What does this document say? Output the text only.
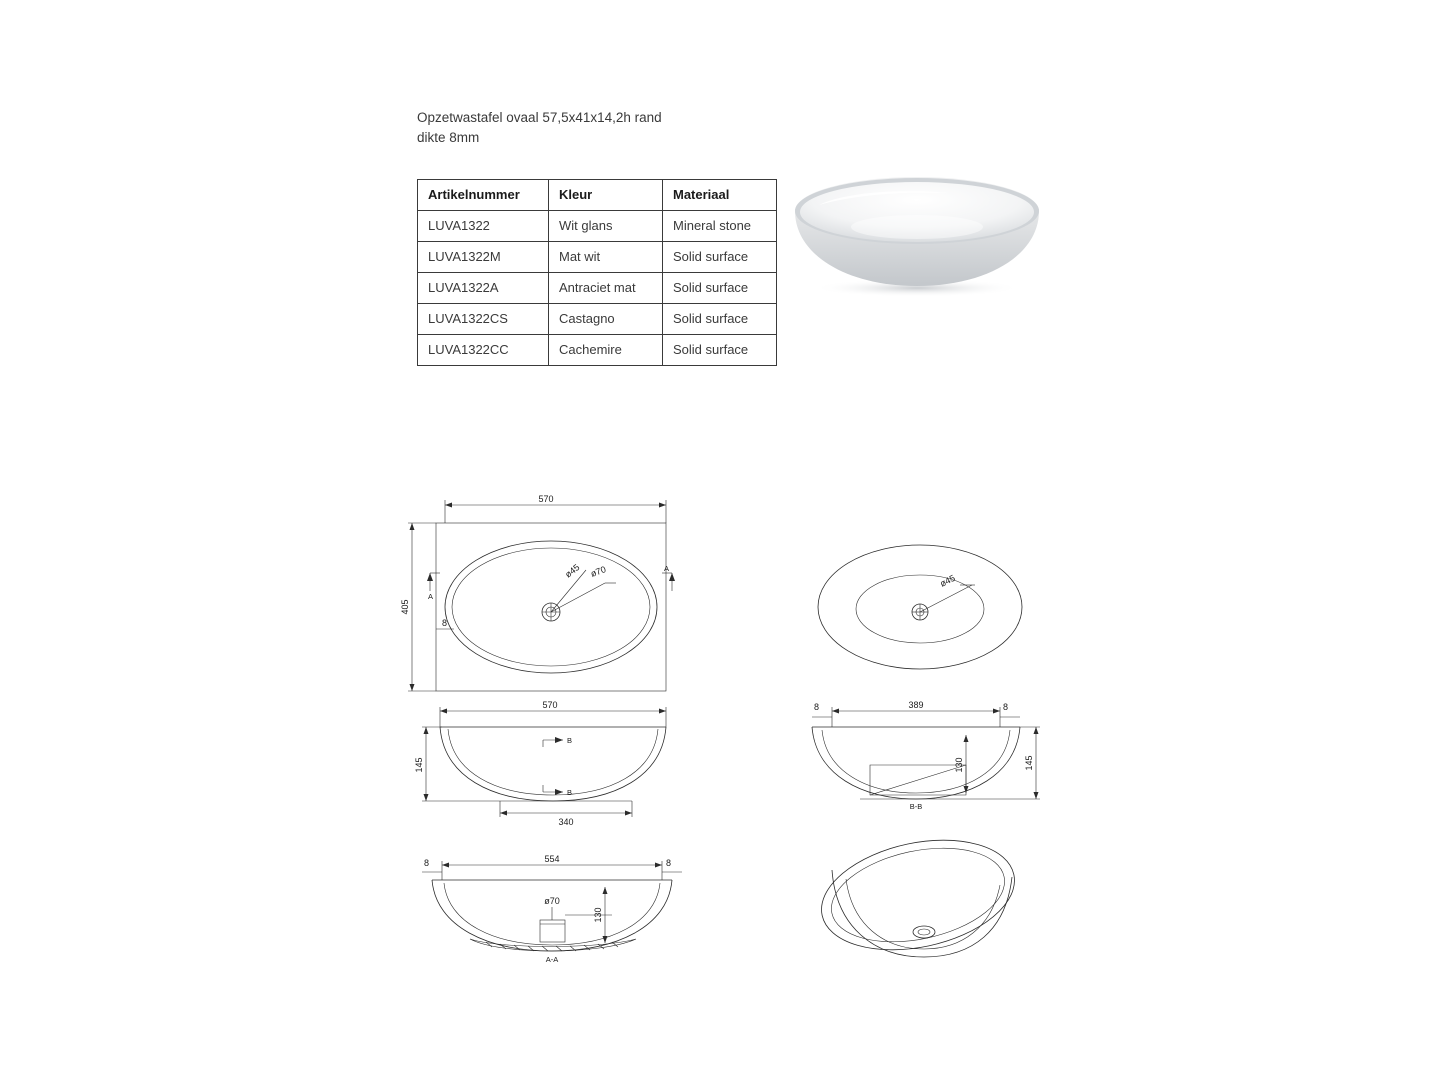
Opzetwastafel ovaal 57,5x41x14,2h rand
dikte 8mm
Artikelnummer	Kleur	Materiaal
LUVA1322	Wit glans	Mineral stone
LUVA1322M	Mat wit	Solid surface
LUVA1322A	Antraciet mat	Solid surface
LUVA1322CS	Castagno	Solid surface
LUVA1322CC	Cachemire	Solid surface
ø45 ø70
570
405
8
A
A
ø45
570
145
340
B
B
389
8	8
130	145
B-B
554
8	8
ø70
130
A-A
